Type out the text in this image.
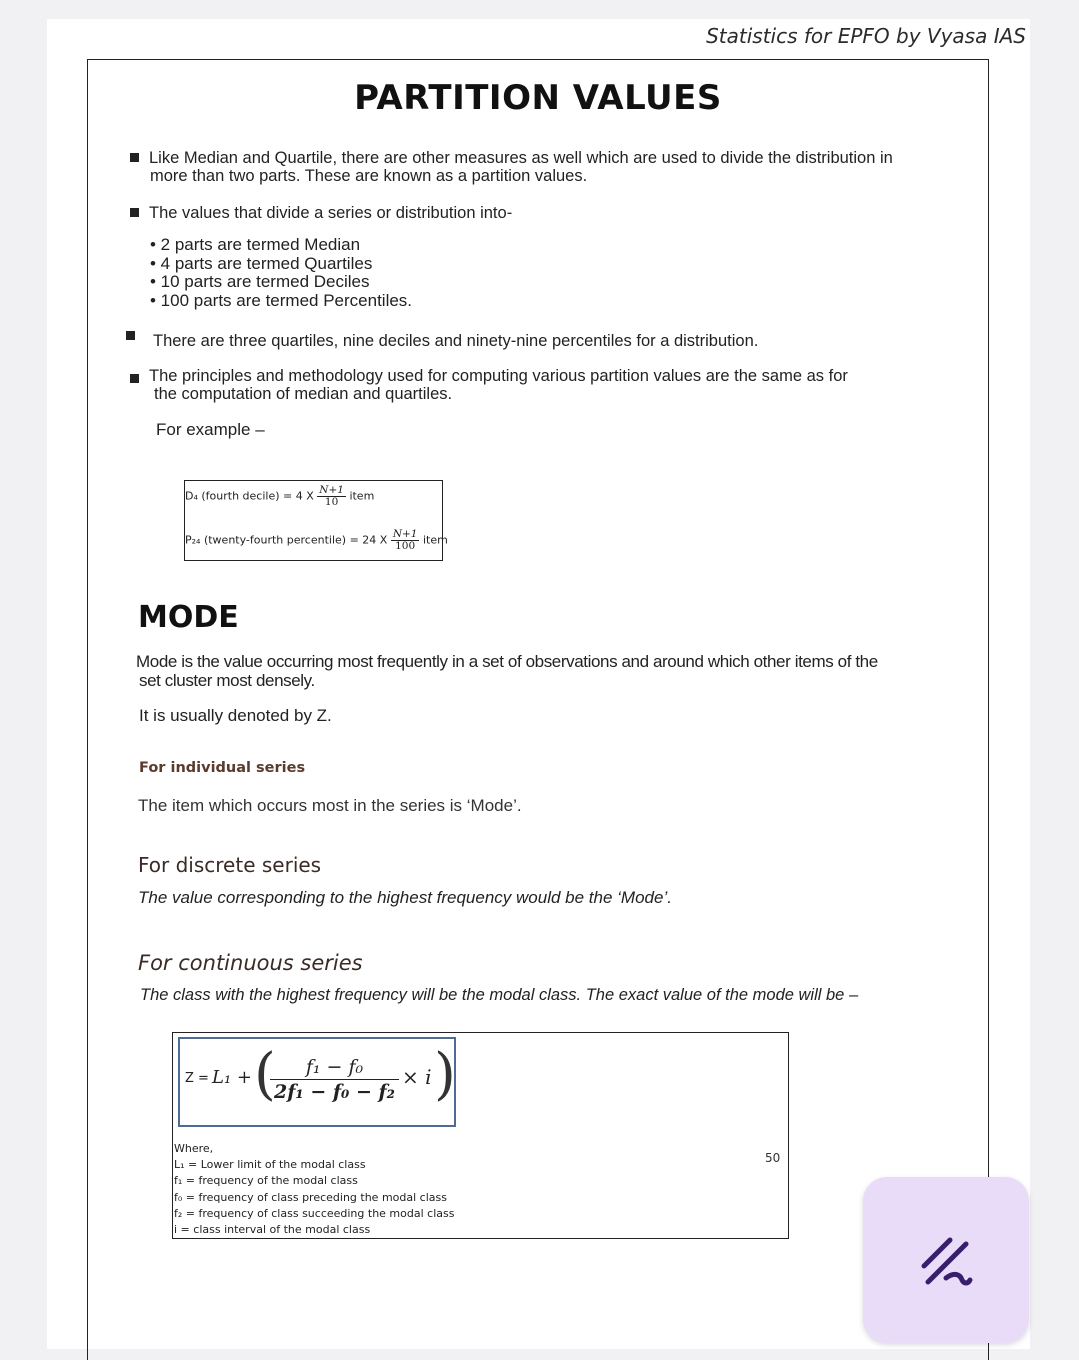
Statistics for EPFO by Vyasa IAS
PARTITION VALUES
Like Median and Quartile, there are other measures as well which are used to divide the distribution in
more than two parts. These are known as a partition values.
The values that divide a series or distribution into-
• 2 parts are termed Median
• 4 parts are termed Quartiles
• 10 parts are termed Deciles
• 100 parts are termed Percentiles.
There are three quartiles, nine deciles and ninety-nine percentiles for a distribution.
The principles and methodology used for computing various partition values are the same as for
the computation of median and quartiles.
For example –
D₄ (fourth decile) = 4 X $\frac{N+1}{10}$ item
P₂₄ (twenty-fourth percentile) = 24 X $\frac{N+1}{100}$ item
MODE
Mode is the value occurring most frequently in a set of observations and around which other items of the
set cluster most densely.
It is usually denoted by Z.
For individual series
The item which occurs most in the series is ‘Mode’.
For discrete series
The value corresponding to the highest frequency would be the ‘Mode’.
For continuous series
The class with the highest frequency will be the modal class. The exact value of the mode will be –
Z = L₁ + (	f₁ − f₀
2f₁ − f₀ − f₂
× i )
Where,
L₁ = Lower limit of the modal class
f₁ = frequency of the modal class
f₀ = frequency of class preceding the modal class
f₂ = frequency of class succeeding the modal class
i = class interval of the modal class
50
